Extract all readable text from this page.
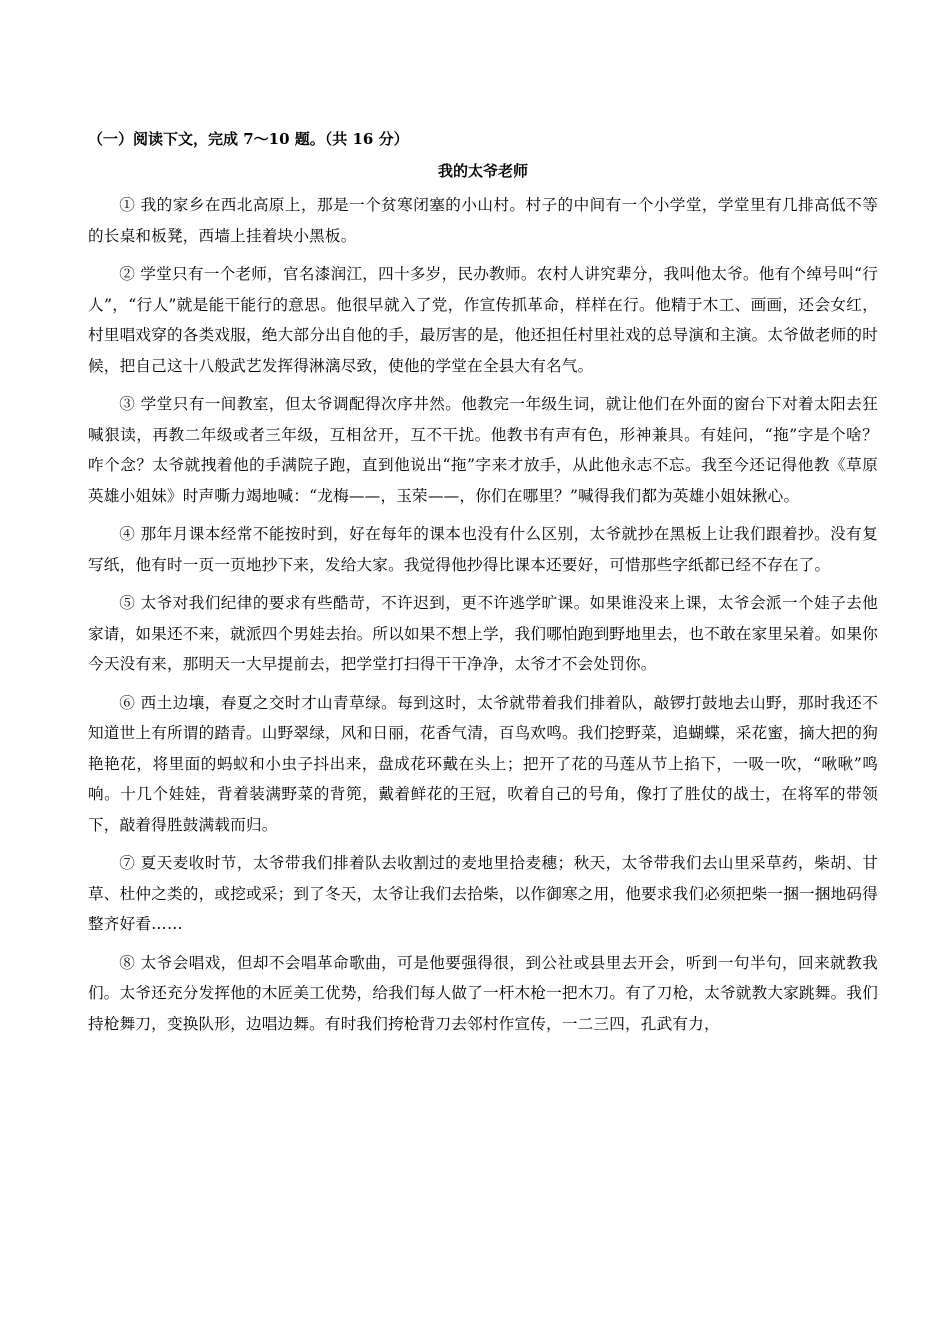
（一）阅读下文，完成 7～10 题。（共 16 分）
我的太爷老师

① 我的家乡在西北高原上，那是一个贫寒闭塞的小山村。村子的中间有一个小学堂，学堂里有几排高低不等的长桌和板凳，西墙上挂着块小黑板。

② 学堂只有一个老师，官名漆润江，四十多岁，民办教师。农村人讲究辈分，我叫他太爷。他有个绰号叫“行人”，“行人”就是能干能行的意思。他很早就入了党，作宣传抓革命，样样在行。他精于木工、画画，还会女红，村里唱戏穿的各类戏服，绝大部分出自他的手，最厉害的是，他还担任村里社戏的总导演和主演。太爷做老师的时候，把自己这十八般武艺发挥得淋漓尽致，使他的学堂在全县大有名气。

③ 学堂只有一间教室，但太爷调配得次序井然。他教完一年级生词，就让他们在外面的窗台下对着太阳去狂喊狠读，再教二年级或者三年级，互相岔开，互不干扰。他教书有声有色，形神兼具。有娃问，“拖”字是个啥？咋个念？太爷就拽着他的手满院子跑，直到他说出“拖”字来才放手，从此他永志不忘。我至今还记得他教《草原英雄小姐妹》时声嘶力竭地喊：“龙梅——，玉荣——，你们在哪里？”喊得我们都为英雄小姐妹揪心。

④ 那年月课本经常不能按时到，好在每年的课本也没有什么区别，太爷就抄在黑板上让我们跟着抄。没有复写纸，他有时一页一页地抄下来，发给大家。我觉得他抄得比课本还要好，可惜那些字纸都已经不存在了。

⑤ 太爷对我们纪律的要求有些酷苛，不许迟到，更不许逃学旷课。如果谁没来上课，太爷会派一个娃子去他家请，如果还不来，就派四个男娃去抬。所以如果不想上学，我们哪怕跑到野地里去，也不敢在家里呆着。如果你今天没有来，那明天一大早提前去，把学堂打扫得干干净净，太爷才不会处罚你。

⑥ 西土边壤，春夏之交时才山青草绿。每到这时，太爷就带着我们排着队，敲锣打鼓地去山野，那时我还不知道世上有所谓的踏青。山野翠绿，风和日丽，花香气清，百鸟欢鸣。我们挖野菜，追蝴蝶，采花蜜，摘大把的狗艳艳花，将里面的蚂蚁和小虫子抖出来，盘成花环戴在头上；把开了花的马莲从节上掐下，一吸一吹，“啾啾”鸣响。十几个娃娃，背着装满野菜的背篼，戴着鲜花的王冠，吹着自己的号角，像打了胜仗的战士，在将军的带领下，敲着得胜鼓满载而归。

⑦ 夏天麦收时节，太爷带我们排着队去收割过的麦地里拾麦穗；秋天，太爷带我们去山里采草药，柴胡、甘草、杜仲之类的，或挖或采；到了冬天，太爷让我们去拾柴，以作御寒之用，他要求我们必须把柴一捆一捆地码得整齐好看……

⑧ 太爷会唱戏，但却不会唱革命歌曲，可是他要强得很，到公社或县里去开会，听到一句半句，回来就教我们。太爷还充分发挥他的木匠美工优势，给我们每人做了一杆木枪一把木刀。有了刀枪，太爷就教大家跳舞。我们持枪舞刀，变换队形，边唱边舞。有时我们挎枪背刀去邻村作宣传，一二三四，孔武有力，
